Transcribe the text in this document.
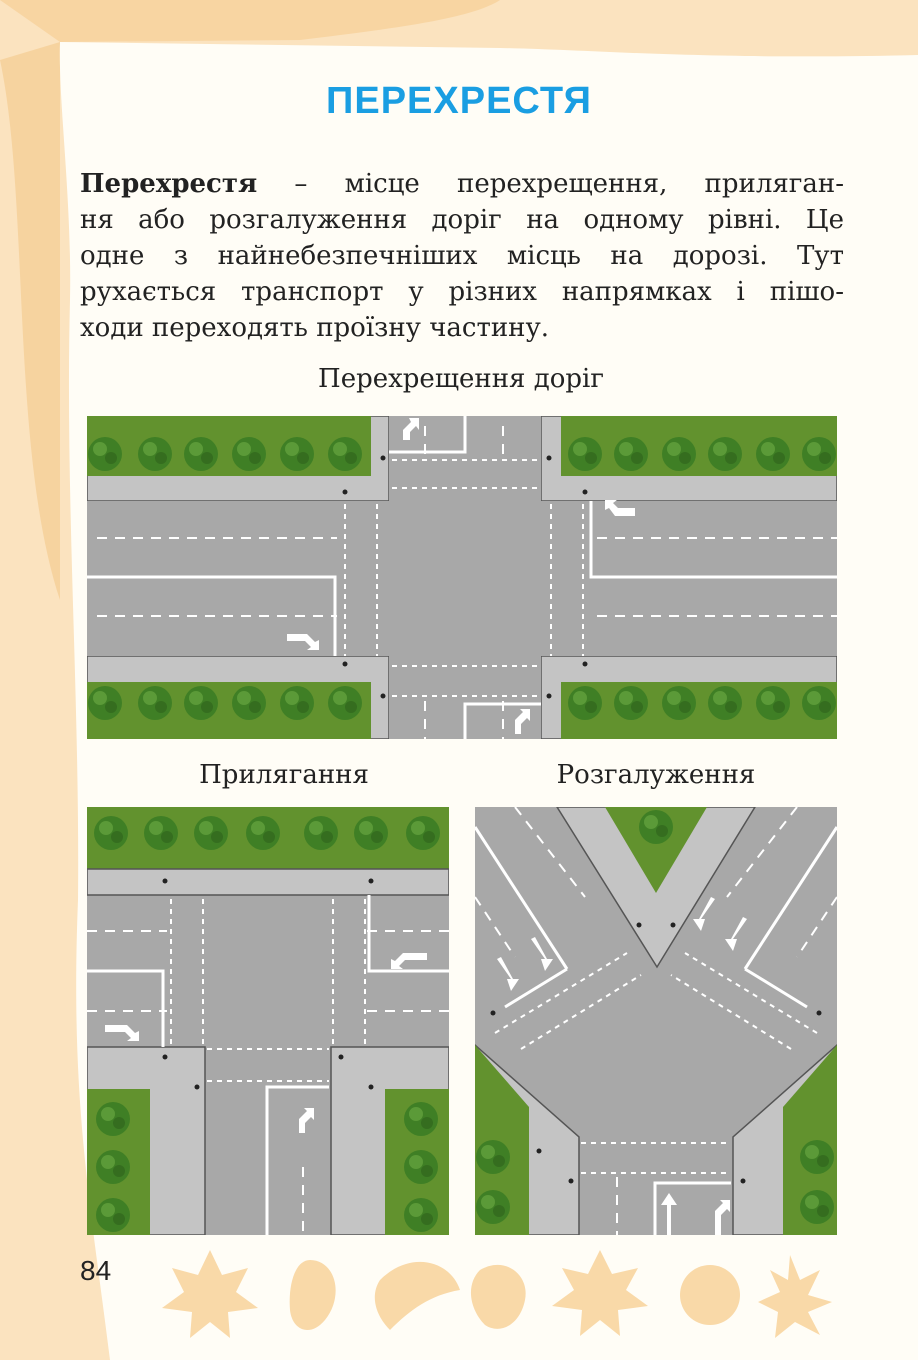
ПЕРЕХРЕСТЯ
Перехрестя – місце перехрещення, приляган-
ня або розгалуження доріг на одному рівні. Це
одне з найнебезпечніших місць на дорозі. Тут
рухається транспорт у різних напрямках і пішо-
ходи переходять проїзну частину.
Перехрещення доріг
Прилягання	Розгалуження
84
